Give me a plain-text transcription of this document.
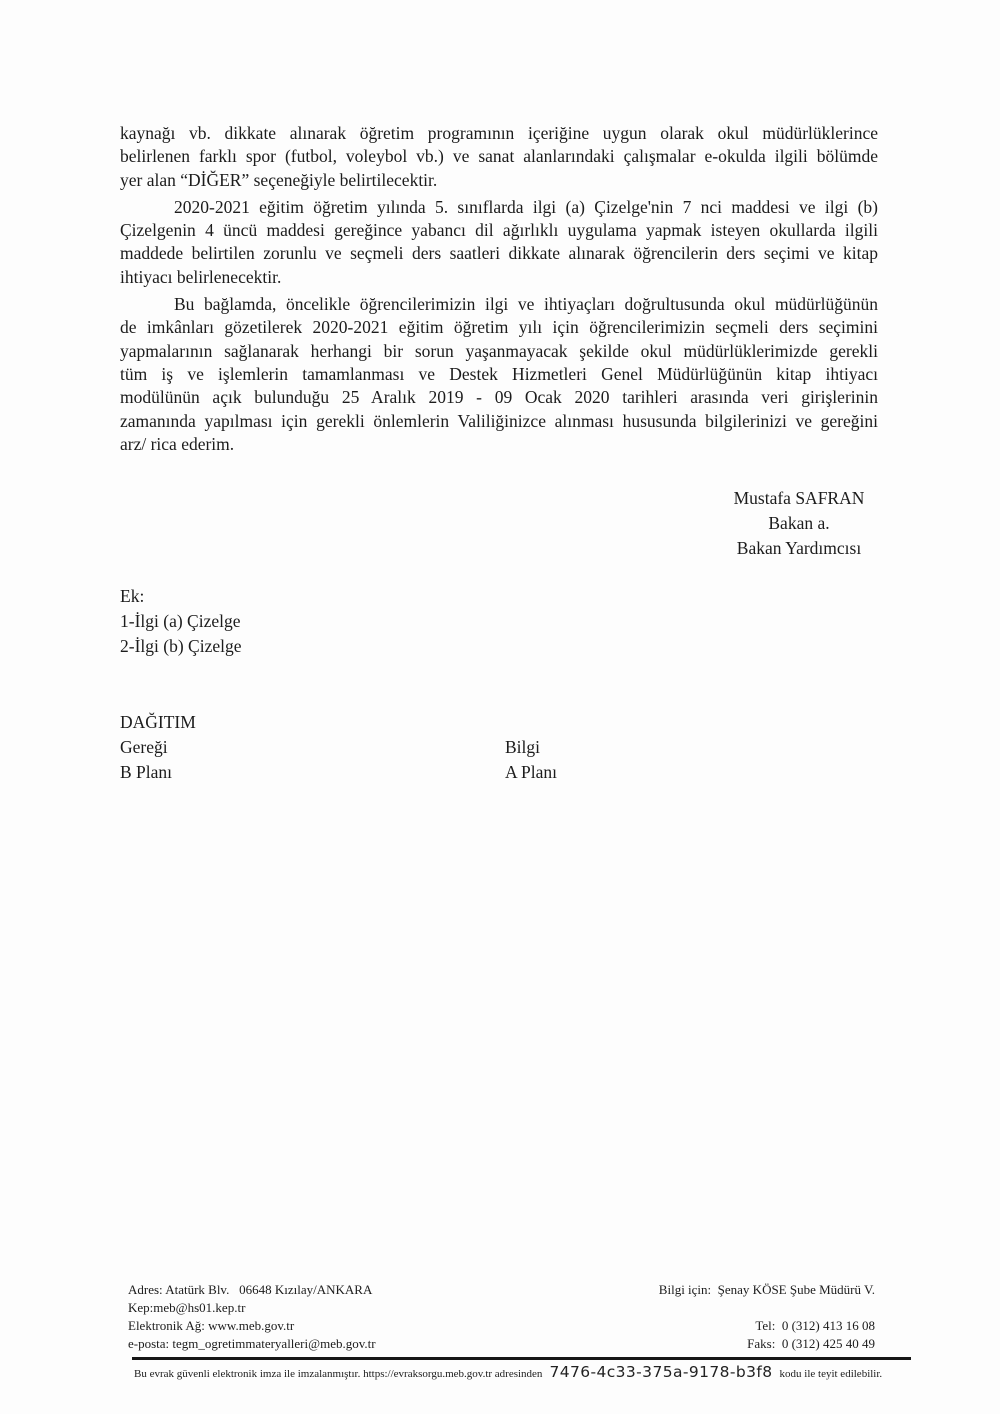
kaynağı vb. dikkate alınarak öğretim programının içeriğine uygun olarak okul müdürlüklerince
belirlenen farklı spor (futbol, voleybol vb.) ve sanat alanlarındaki çalışmalar e-okulda ilgili bölümde
yer alan “DİĞER” seçeneğiyle belirtilecektir.
2020-2021 eğitim öğretim yılında 5. sınıflarda ilgi (a) Çizelge'nin 7 nci maddesi ve ilgi (b)
Çizelgenin 4 üncü maddesi gereğince yabancı dil ağırlıklı uygulama yapmak isteyen okullarda ilgili
maddede belirtilen zorunlu ve seçmeli ders saatleri dikkate alınarak öğrencilerin ders seçimi ve kitap
ihtiyacı belirlenecektir.
Bu bağlamda, öncelikle öğrencilerimizin ilgi ve ihtiyaçları doğrultusunda okul müdürlüğünün
de imkânları gözetilerek 2020-2021 eğitim öğretim yılı için öğrencilerimizin seçmeli ders seçimini
yapmalarının sağlanarak herhangi bir sorun yaşanmayacak şekilde okul müdürlüklerimizde gerekli
tüm iş ve işlemlerin tamamlanması ve Destek Hizmetleri Genel Müdürlüğünün kitap ihtiyacı
modülünün açık bulunduğu 25 Aralık 2019 - 09 Ocak 2020 tarihleri arasında veri girişlerinin
zamanında yapılması için gerekli önlemlerin Valiliğinizce alınması hususunda bilgilerinizi ve gereğini
arz/ rica ederim.
Mustafa SAFRAN
Bakan a.
Bakan Yardımcısı
Ek:
1-İlgi (a) Çizelge
2-İlgi (b) Çizelge
DAĞITIM
Gereği
B Planı
Bilgi
A Planı
Adres: Atatürk Blv.   06648 Kızılay/ANKARA
Kep:meb@hs01.kep.tr
Elektronik Ağ: www.meb.gov.tr
e-posta: tegm_ogretimmateryalleri@meb.gov.tr
Bilgi için:  Şenay KÖSE Şube Müdürü V.

Tel:  0 (312) 413 16 08
Faks:  0 (312) 425 40 49
Bu evrak güvenli elektronik imza ile imzalanmıştır. https://evraksorgu.meb.gov.tr adresinden 7476-4c33-375a-9178-b3f8 kodu ile teyit edilebilir.
